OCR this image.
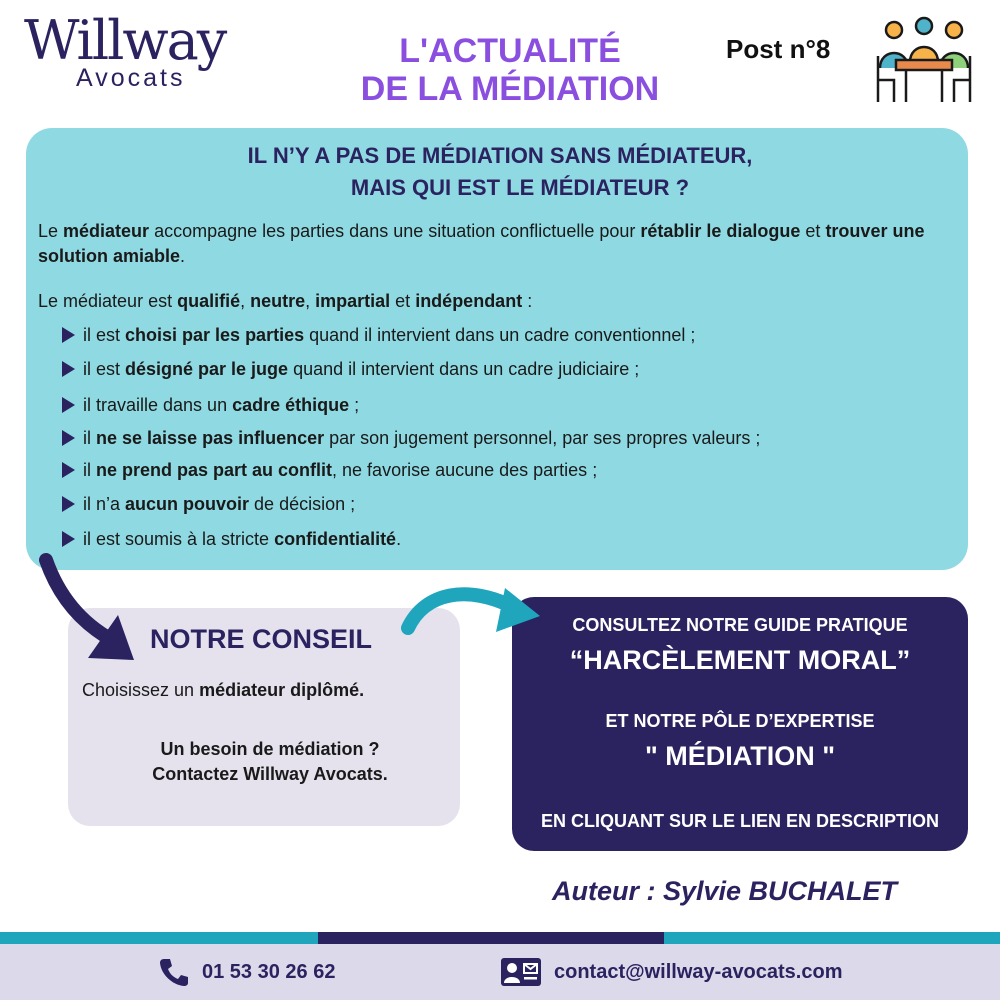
Willway
Avocats
L'ACTUALITÉ
DE LA MÉDIATION
Post n°8
IL N’Y A PAS DE MÉDIATION SANS MÉDIATEUR,
MAIS QUI EST LE MÉDIATEUR ?
Le médiateur accompagne les parties dans une situation conflictuelle pour rétablir le dialogue et trouver une solution amiable.
Le médiateur est qualifié, neutre, impartial et indépendant :
il est choisi par les parties quand il intervient dans un cadre conventionnel ;
il est désigné par le juge quand il intervient dans un cadre judiciaire ;
il travaille dans un cadre éthique ;
il ne se laisse pas influencer par son jugement personnel, par ses propres valeurs ;
il ne prend pas part au conflit, ne favorise aucune des parties ;
il n’a aucun pouvoir de décision ;
il est soumis à la stricte confidentialité.
NOTRE CONSEIL
Choisissez un médiateur diplômé.
Un besoin de médiation ?
Contactez Willway Avocats.
CONSULTEZ NOTRE GUIDE PRATIQUE
“HARCÈLEMENT MORAL”
ET NOTRE PÔLE D’EXPERTISE
" MÉDIATION "
EN CLIQUANT SUR LE LIEN EN DESCRIPTION
Auteur : Sylvie BUCHALET
01 53 30 26 62	contact@willway-avocats.com
